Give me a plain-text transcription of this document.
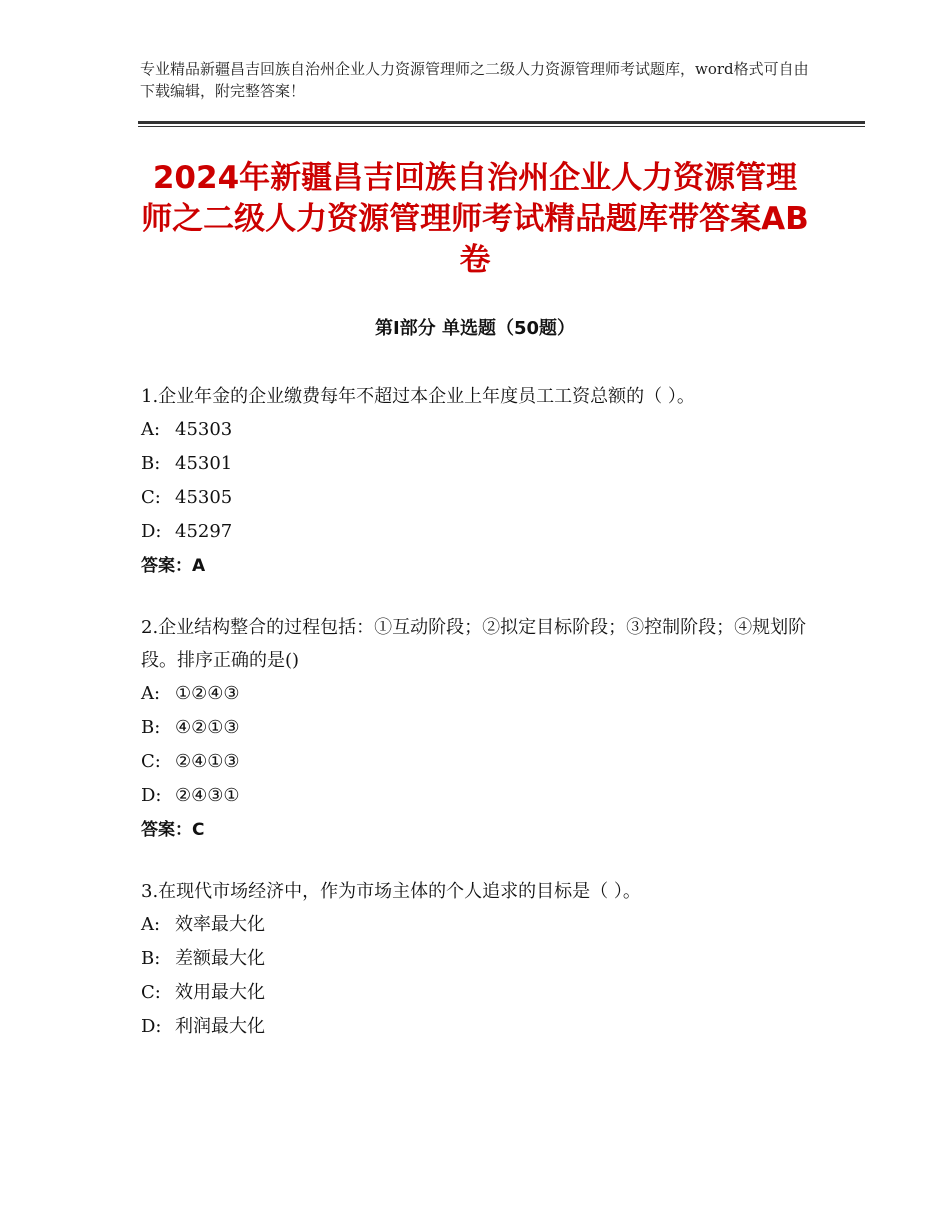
专业精品新疆昌吉回族自治州企业人力资源管理师之二级人力资源管理师考试题库，word格式可自由下载编辑，附完整答案！
2024年新疆昌吉回族自治州企业人力资源管理师之二级人力资源管理师考试精品题库带答案AB卷
第Ⅰ部分 单选题（50题）
1.企业年金的企业缴费每年不超过本企业上年度员工工资总额的（ ）。
A: 45303
B: 45301
C: 45305
D: 45297
答案：A
2.企业结构整合的过程包括：①互动阶段；②拟定目标阶段；③控制阶段；④规划阶段。排序正确的是()
A: ①②④③
B: ④②①③
C: ②④①③
D: ②④③①
答案：C
3.在现代市场经济中，作为市场主体的个人追求的目标是（ ）。
A: 效率最大化
B: 差额最大化
C: 效用最大化
D: 利润最大化
